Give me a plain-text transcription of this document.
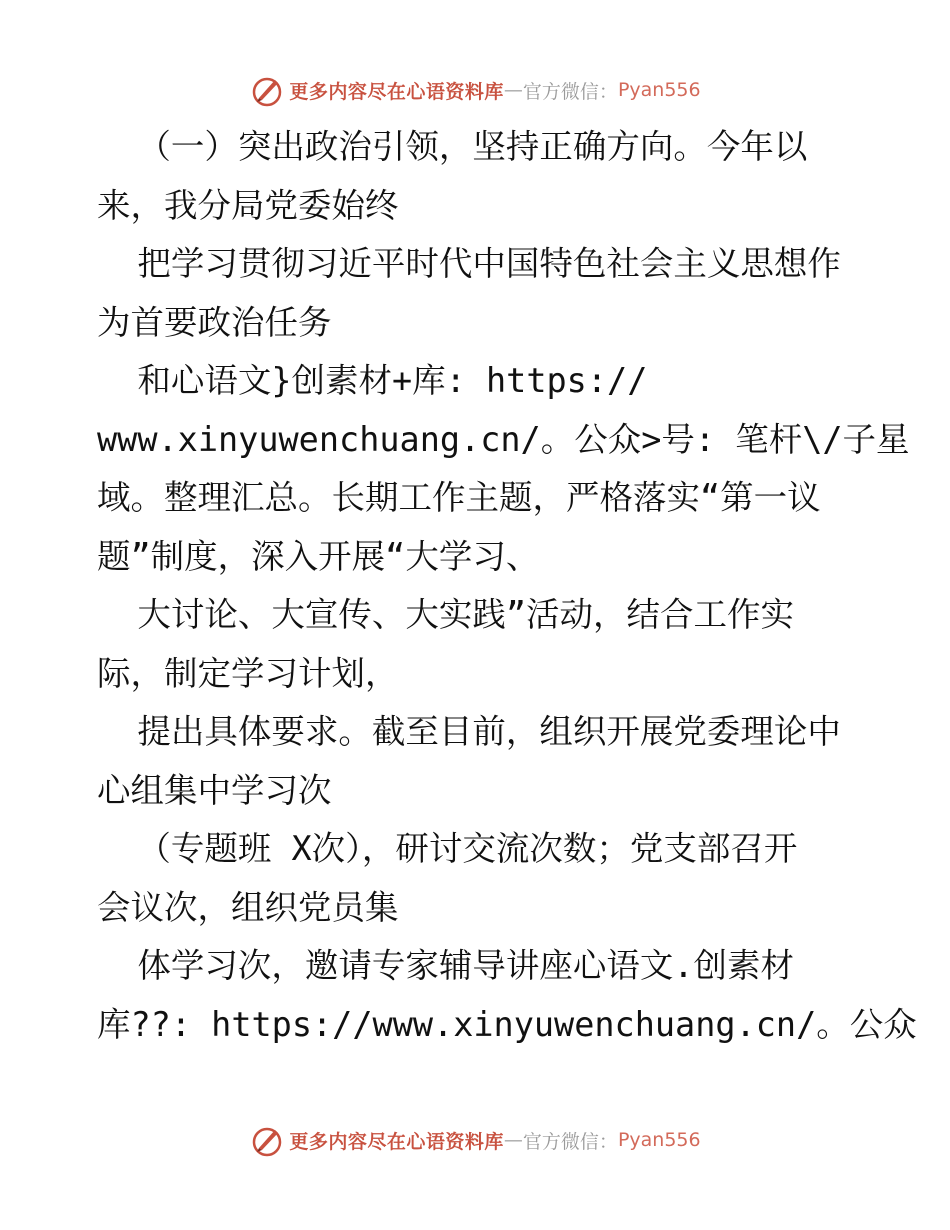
更多内容尽在心语资料库 — 官方微信： Pyan556
（一）突出政治引领，坚持正确方向。今年以
来，我分局党委始终
把学习贯彻习近平时代中国特色社会主义思想作
为首要政治任务
和心语文}创素材+库: https://
www.xinyuwenchuang.cn/。公众>号: 笔杆\/子星
域。整理汇总。长期工作主题，严格落实“第一议
题”制度，深入开展“大学习、
大讨论、大宣传、大实践”活动，结合工作实
际，制定学习计划，
提出具体要求。截至目前，组织开展党委理论中
心组集中学习次
（专题班 X次），研讨交流次数；党支部召开
会议次，组织党员集
体学习次，邀请专家辅导讲座心语文.创素材
库??: https://www.xinyuwenchuang.cn/。公众
更多内容尽在心语资料库 — 官方微信： Pyan556
